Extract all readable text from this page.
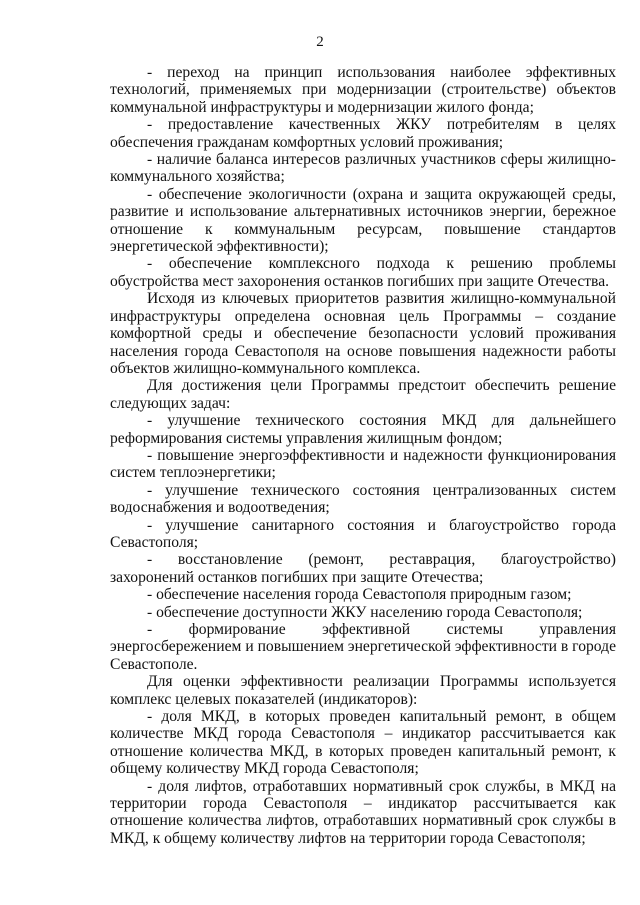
2

- переход на принцип использования наиболее эффективных технологий, применяемых при модернизации (строительстве) объектов коммунальной инфраструктуры и модернизации жилого фонда;

- предоставление качественных ЖКУ потребителям в целях обеспечения гражданам комфортных условий проживания;

- наличие баланса интересов различных участников сферы жилищно-коммунального хозяйства;

- обеспечение экологичности (охрана и защита окружающей среды, развитие и использование альтернативных источников энергии, бережное отношение к коммунальным ресурсам, повышение стандартов энергетической эффективности);

- обеспечение комплексного подхода к решению проблемы обустройства мест захоронения останков погибших при защите Отечества.

Исходя из ключевых приоритетов развития жилищно-коммунальной инфраструктуры определена основная цель Программы – создание комфортной среды и обеспечение безопасности условий проживания населения города Севастополя на основе повышения надежности работы объектов жилищно-коммунального комплекса.

Для достижения цели Программы предстоит обеспечить решение следующих задач:

- улучшение технического состояния МКД для дальнейшего реформирования системы управления жилищным фондом;

- повышение энергоэффективности и надежности функционирования систем теплоэнергетики;

- улучшение технического состояния централизованных систем водоснабжения и водоотведения;

- улучшение санитарного состояния и благоустройство города Севастополя;

- восстановление (ремонт, реставрация, благоустройство) захоронений останков погибших при защите Отечества;

- обеспечение населения города Севастополя природным газом;

- обеспечение доступности ЖКУ населению города Севастополя;

- формирование эффективной системы управления энергосбережением и повышением энергетической эффективности в городе Севастополе.

Для оценки эффективности реализации Программы используется комплекс целевых показателей (индикаторов):

- доля МКД, в которых проведен капитальный ремонт, в общем количестве МКД города Севастополя – индикатор рассчитывается как отношение количества МКД, в которых проведен капитальный ремонт, к общему количеству МКД города Севастополя;

- доля лифтов, отработавших нормативный срок службы, в МКД на территории города Севастополя – индикатор рассчитывается как отношение количества лифтов, отработавших нормативный срок службы в МКД, к общему количеству лифтов на территории города Севастополя;
